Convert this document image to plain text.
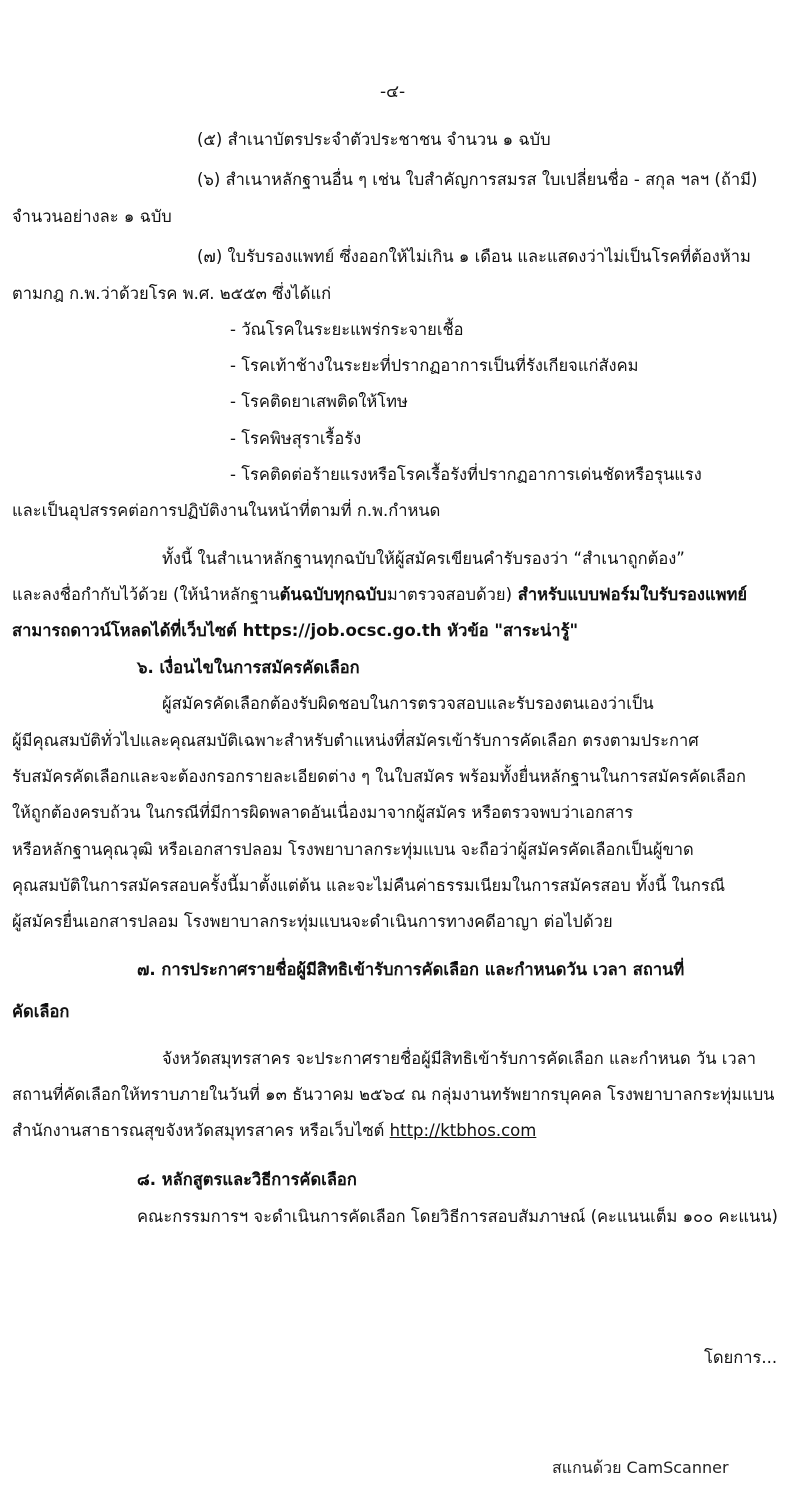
-๔-
(๕) สำเนาบัตรประจำตัวประชาชน จำนวน ๑ ฉบับ
(๖) สำเนาหลักฐานอื่น ๆ เช่น ใบสำคัญการสมรส ใบเปลี่ยนชื่อ - สกุล ฯลฯ (ถ้ามี)
จำนวนอย่างละ ๑ ฉบับ
(๗) ใบรับรองแพทย์ ซึ่งออกให้ไม่เกิน ๑ เดือน และแสดงว่าไม่เป็นโรคที่ต้องห้าม
ตามกฎ ก.พ.ว่าด้วยโรค พ.ศ. ๒๕๕๓ ซึ่งได้แก่
- วัณโรคในระยะแพร่กระจายเชื้อ
- โรคเท้าช้างในระยะที่ปรากฏอาการเป็นที่รังเกียจแก่สังคม
- โรคติดยาเสพติดให้โทษ
- โรคพิษสุราเรื้อรัง
- โรคติดต่อร้ายแรงหรือโรคเรื้อรังที่ปรากฏอาการเด่นชัดหรือรุนแรง
และเป็นอุปสรรคต่อการปฏิบัติงานในหน้าที่ตามที่ ก.พ.กำหนด
ทั้งนี้ ในสำเนาหลักฐานทุกฉบับให้ผู้สมัครเขียนคำรับรองว่า “สำเนาถูกต้อง”
และลงชื่อกำกับไว้ด้วย (ให้นำหลักฐานต้นฉบับทุกฉบับมาตรวจสอบด้วย) สำหรับแบบฟอร์มใบรับรองแพทย์
สามารถดาวน์โหลดได้ที่เว็บไซต์ https://job.ocsc.go.th หัวข้อ "สาระน่ารู้"
๖. เงื่อนไขในการสมัครคัดเลือก
ผู้สมัครคัดเลือกต้องรับผิดชอบในการตรวจสอบและรับรองตนเองว่าเป็น
ผู้มีคุณสมบัติทั่วไปและคุณสมบัติเฉพาะสำหรับตำแหน่งที่สมัครเข้ารับการคัดเลือก ตรงตามประกาศ
รับสมัครคัดเลือกและจะต้องกรอกรายละเอียดต่าง ๆ ในใบสมัคร พร้อมทั้งยื่นหลักฐานในการสมัครคัดเลือก
ให้ถูกต้องครบถ้วน ในกรณีที่มีการผิดพลาดอันเนื่องมาจากผู้สมัคร หรือตรวจพบว่าเอกสาร
หรือหลักฐานคุณวุฒิ หรือเอกสารปลอม โรงพยาบาลกระทุ่มแบน จะถือว่าผู้สมัครคัดเลือกเป็นผู้ขาด
คุณสมบัติในการสมัครสอบครั้งนี้มาตั้งแต่ต้น และจะไม่คืนค่าธรรมเนียมในการสมัครสอบ ทั้งนี้ ในกรณี
ผู้สมัครยื่นเอกสารปลอม โรงพยาบาลกระทุ่มแบนจะดำเนินการทางคดีอาญา ต่อไปด้วย
๗. การประกาศรายชื่อผู้มีสิทธิเข้ารับการคัดเลือก และกำหนดวัน เวลา สถานที่
คัดเลือก
จังหวัดสมุทรสาคร จะประกาศรายชื่อผู้มีสิทธิเข้ารับการคัดเลือก และกำหนด วัน เวลา
สถานที่คัดเลือกให้ทราบภายในวันที่ ๑๓ ธันวาคม ๒๕๖๔ ณ กลุ่มงานทรัพยากรบุคคล โรงพยาบาลกระทุ่มแบน
สำนักงานสาธารณสุขจังหวัดสมุทรสาคร หรือเว็บไซต์ http://ktbhos.com
๘. หลักสูตรและวิธีการคัดเลือก
คณะกรรมการฯ จะดำเนินการคัดเลือก โดยวิธีการสอบสัมภาษณ์ (คะแนนเต็ม ๑๐๐ คะแนน)
โดยการ...
สแกนด้วย CamScanner
